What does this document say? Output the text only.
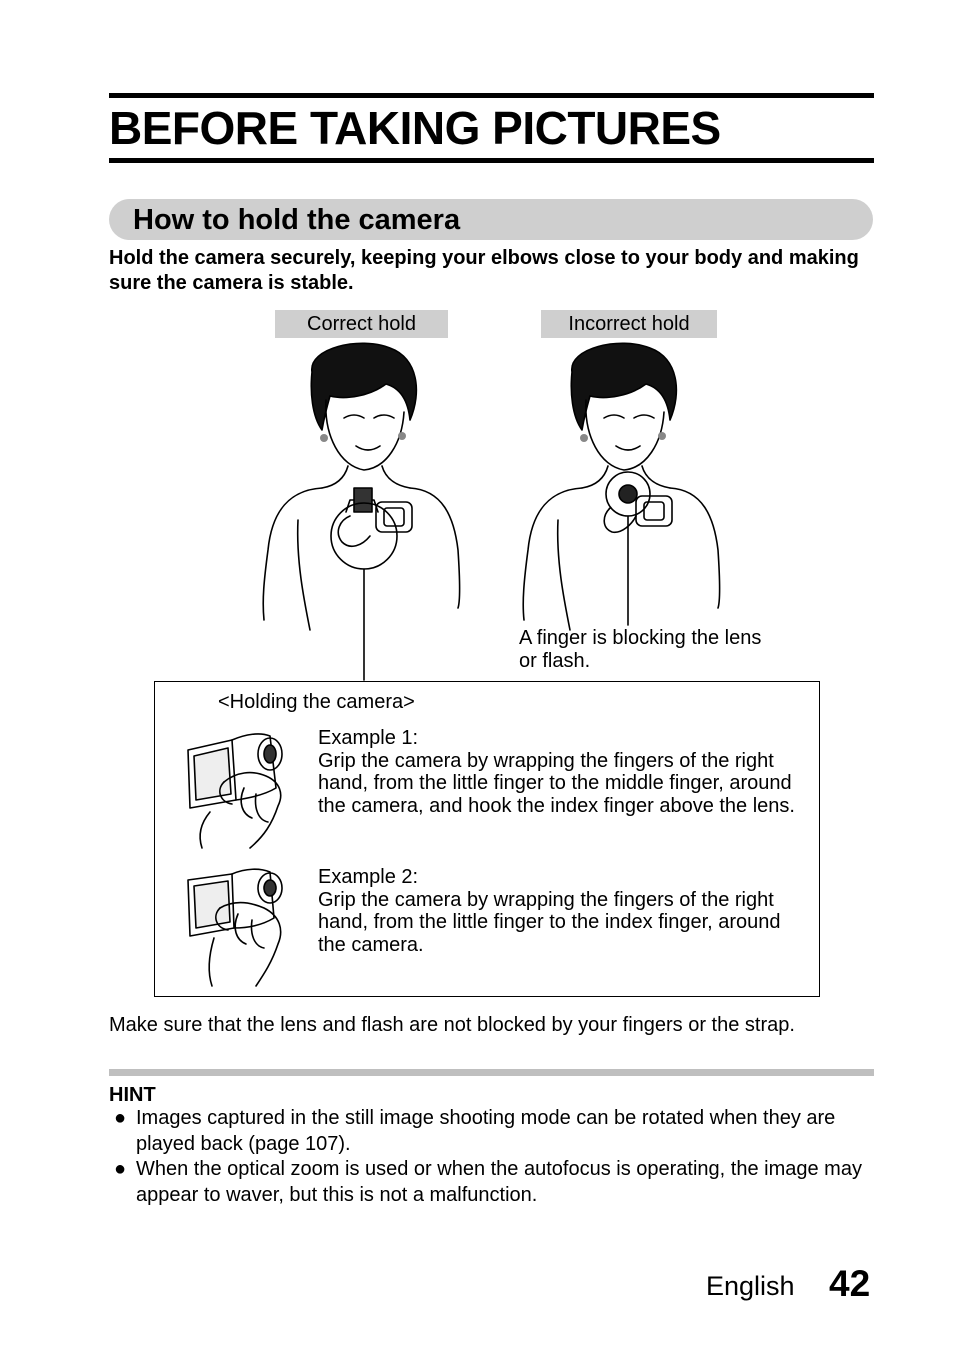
BEFORE TAKING PICTURES
How to hold the camera

Hold the camera securely, keeping your elbows close to your body and making sure the camera is stable.

Correct hold	Incorrect hold
A finger is blocking the lens or flash.
<Holding the camera>
Example 1:
Grip the camera by wrapping the fingers of the right hand, from the little finger to the middle finger, around the camera, and hook the index finger above the lens.
Example 2:
Grip the camera by wrapping the fingers of the right hand, from the little finger to the index finger, around the camera.

Make sure that the lens and flash are not blocked by your fingers or the strap.

HINT
● Images captured in the still image shooting mode can be rotated when they are played back (page 107).
● When the optical zoom is used or when the autofocus is operating, the image may appear to waver, but this is not a malfunction.
English 42
